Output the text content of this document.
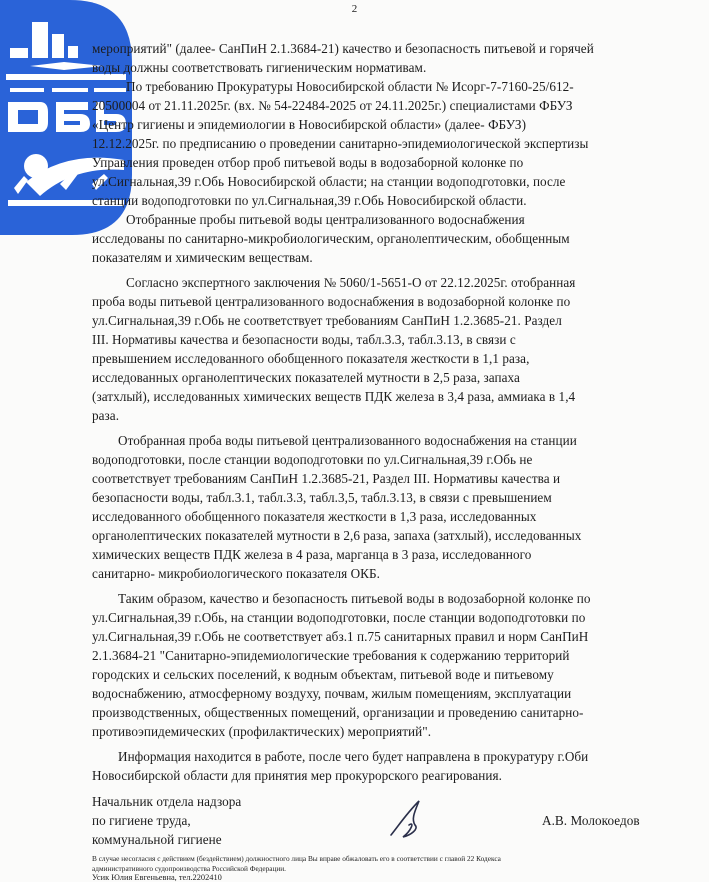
2
мероприятий" (далее- СанПиН 2.1.3684-21) качество и безопасность питьевой и горячей
воды должны соответствовать гигиеническим нормативам.
По требованию Прокуратуры Новосибирской области № Исорг-7-7160-25/612-
20500004 от 21.11.2025г. (вх. № 54-22484-2025 от 24.11.2025г.) специалистами ФБУЗ
«Центр гигиены и эпидемиологии в Новосибирской области» (далее- ФБУЗ)
12.12.2025г. по предписанию о проведении санитарно-эпидемиологической экспертизы
Управления проведен отбор проб питьевой воды в водозаборной колонке по
ул.Сигнальная,39 г.Обь Новосибирской области; на станции водоподготовки, после
станции водоподготовки по ул.Сигнальная,39 г.Обь Новосибирской области.
Отобранные пробы питьевой воды централизованного водоснабжения
исследованы по санитарно-микробиологическим, органолептическим, обобщенным
показателям и химическим веществам.
Согласно экспертного заключения № 5060/1-5651-О от 22.12.2025г. отобранная
проба воды питьевой централизованного водоснабжения в водозаборной колонке по
ул.Сигнальная,39 г.Обь не соответствует требованиям СанПиН 1.2.3685-21. Раздел
III. Нормативы качества и безопасности воды, табл.3.3, табл.3.13, в связи с
превышением исследованного обобщенного показателя жесткости в 1,1 раза,
исследованных органолептических показателей мутности в 2,5 раза, запаха
(затхлый), исследованных химических веществ ПДК железа в 3,4 раза, аммиака в 1,4
раза.
Отобранная проба воды питьевой централизованного водоснабжения на станции
водоподготовки, после станции водоподготовки по ул.Сигнальная,39 г.Обь не
соответствует требованиям СанПиН 1.2.3685-21, Раздел III. Нормативы качества и
безопасности воды, табл.3.1, табл.3.3, табл.3,5, табл.3.13, в связи с превышением
исследованного обобщенного показателя жесткости в 1,3 раза, исследованных
органолептических показателей мутности в 2,6 раза, запаха (затхлый), исследованных
химических веществ ПДК железа в 4 раза, марганца в 3 раза, исследованного
санитарно- микробиологического показателя ОКБ.
Таким образом, качество и безопасность питьевой воды в водозаборной колонке по
ул.Сигнальная,39 г.Обь, на станции водоподготовки, после станции водоподготовки по
ул.Сигнальная,39 г.Обь не соответствует абз.1 п.75 санитарных правил и норм СанПиН
2.1.3684-21 "Санитарно-эпидемиологические требования к содержанию территорий
городских и сельских поселений, к водным объектам, питьевой воде и питьевому
водоснабжению, атмосферному воздуху, почвам, жилым помещениям, эксплуатации
производственных, общественных помещений, организации и проведению санитарно-
противоэпидемических (профилактических) мероприятий".
Информация находится в работе, после чего будет направлена в прокуратуру г.Оби
Новосибирской области для принятия мер прокурорского реагирования.
Начальник отдела надзора
по гигиене труда,
коммунальной гигиене
А.В. Молокоедов
В случае несогласия с действием (бездействием) должностного лица Вы вправе обжаловать его в соответствии с главой 22 Кодекса
административного судопроизводства Российской Федерации.
Усик Юлия Евгеньевна, тел.2202410
